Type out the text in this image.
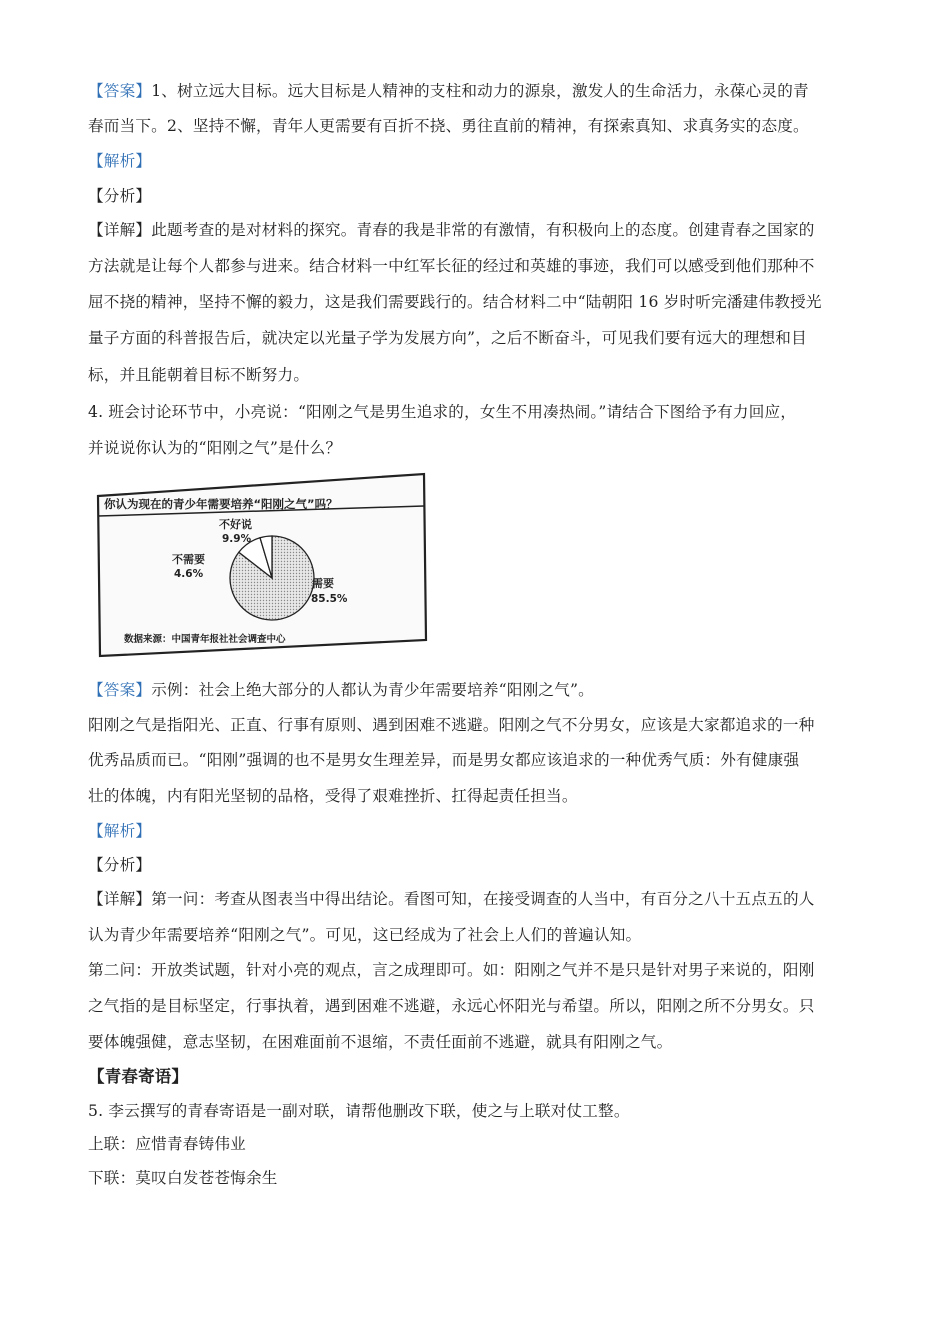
【答案】1、树立远大目标。远大目标是人精神的支柱和动力的源泉，激发人的生命活力，永葆心灵的青
春而当下。2、坚持不懈，青年人更需要有百折不挠、勇往直前的精神，有探索真知、求真务实的态度。
【解析】
【分析】
【详解】此题考查的是对材料的探究。青春的我是非常的有激情，有积极向上的态度。创建青春之国家的
方法就是让每个人都参与进来。结合材料一中红军长征的经过和英雄的事迹，我们可以感受到他们那种不
屈不挠的精神，坚持不懈的毅力，这是我们需要践行的。结合材料二中“陆朝阳 16 岁时听完潘建伟教授光
量子方面的科普报告后，就决定以光量子学为发展方向”，之后不断奋斗，可见我们要有远大的理想和目
标，并且能朝着目标不断努力。
4. 班会讨论环节中，小亮说：“阳刚之气是男生追求的，女生不用凑热闹。”请结合下图给予有力回应，
并说说你认为的“阳刚之气”是什么？
你认为现在的青少年需要培养“阳刚之气”吗？
不好说
9.9%
不需要
4.6%
需要
85.5%
数据来源：中国青年报社社会调查中心
【答案】示例：社会上绝大部分的人都认为青少年需要培养“阳刚之气”。
阳刚之气是指阳光、正直、行事有原则、遇到困难不逃避。阳刚之气不分男女，应该是大家都追求的一种
优秀品质而已。“阳刚”强调的也不是男女生理差异，而是男女都应该追求的一种优秀气质：外有健康强
壮的体魄，内有阳光坚韧的品格，受得了艰难挫折、扛得起责任担当。
【解析】
【分析】
【详解】第一问：考查从图表当中得出结论。看图可知，在接受调查的人当中，有百分之八十五点五的人
认为青少年需要培养“阳刚之气”。可见，这已经成为了社会上人们的普遍认知。
第二问：开放类试题，针对小亮的观点，言之成理即可。如：阳刚之气并不是只是针对男子来说的，阳刚
之气指的是目标坚定，行事执着，遇到困难不逃避，永远心怀阳光与希望。所以，阳刚之所不分男女。只
要体魄强健，意志坚韧，在困难面前不退缩，不责任面前不逃避，就具有阳刚之气。
【青春寄语】
5. 李云撰写的青春寄语是一副对联，请帮他删改下联，使之与上联对仗工整。
上联：应惜青春铸伟业
下联：莫叹白发苍苍悔余生
